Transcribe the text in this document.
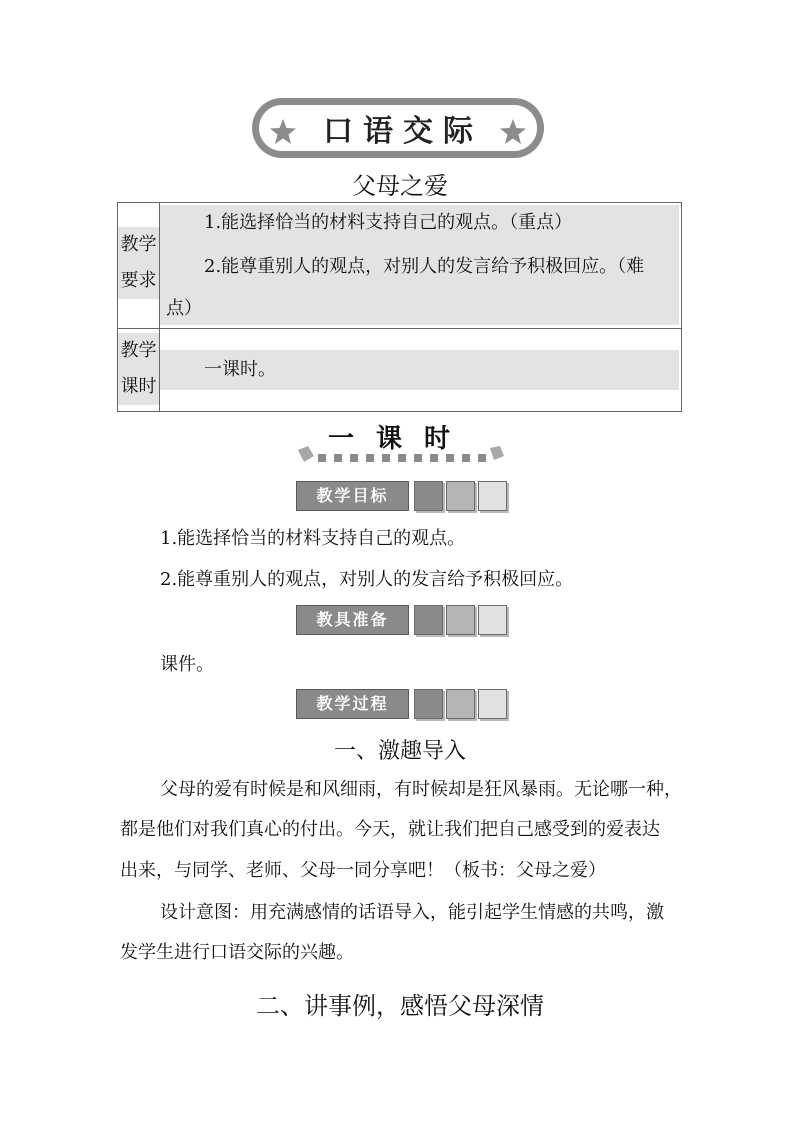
口语交际
父母之爱
教学
要求
1.能选择恰当的材料支持自己的观点。（重点）
2.能尊重别人的观点，对别人的发言给予积极回应。（难
点）
教学
课时
一课时。
一课时
教学目标
1.能选择恰当的材料支持自己的观点。
2.能尊重别人的观点，对别人的发言给予积极回应。
教具准备
课件。
教学过程
一、激趣导入
父母的爱有时候是和风细雨，有时候却是狂风暴雨。无论哪一种，
都是他们对我们真心的付出。今天，就让我们把自己感受到的爱表达
出来，与同学、老师、父母一同分享吧！（板书：父母之爱）
设计意图：用充满感情的话语导入，能引起学生情感的共鸣，激
发学生进行口语交际的兴趣。
二、讲事例，感悟父母深情
